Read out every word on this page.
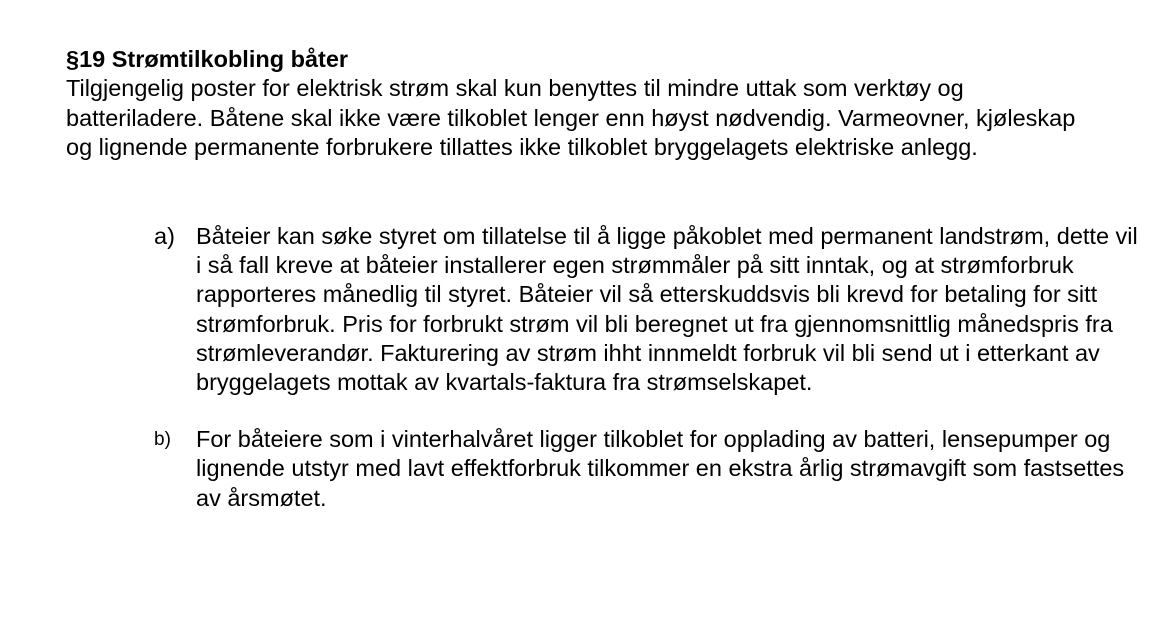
§19 Strømtilkobling båter

Tilgjengelig poster for elektrisk strøm skal kun benyttes til mindre uttak som verktøy og batteriladere. Båtene skal ikke være tilkoblet lenger enn høyst nødvendig. Varmeovner, kjøleskap og lignende permanente forbrukere tillattes ikke tilkoblet bryggelagets elektriske anlegg.

a) Båteier kan søke styret om tillatelse til å ligge påkoblet med permanent landstrøm, dette vil i så fall kreve at båteier installerer egen strømmåler på sitt inntak, og at strømforbruk rapporteres månedlig til styret. Båteier vil så etterskuddsvis bli krevd for betaling for sitt strømforbruk. Pris for forbrukt strøm vil bli beregnet ut fra gjennomsnittlig månedspris fra strømleverandør. Fakturering av strøm ihht innmeldt forbruk vil bli send ut i etterkant av bryggelagets mottak av kvartals-faktura fra strømselskapet.
b)	For båteiere som i vinterhalvåret ligger tilkoblet for opplading av batteri, lensepumper og lignende utstyr med lavt effektforbruk tilkommer en ekstra årlig strømavgift som fastsettes av årsmøtet.
